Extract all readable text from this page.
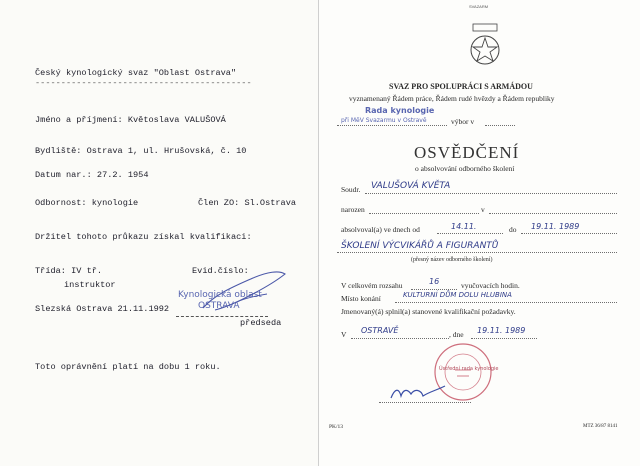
Český kynologický svaz "Oblast Ostrava"
------------------------------------------
Jméno a příjmení: Květoslava VALUŠOVÁ
Bydliště: Ostrava 1, ul. Hrušovská, č. 10
Datum nar.: 27.2. 1954
Odbornost: kynologie	Člen ZO: Sl.Ostrava
Držitel tohoto průkazu získal kvalifikaci:
Třída: IV tř.	Evid.číslo:
instruktor
Slezská Ostrava 21.11.1992
Kynologická oblast
OSTRAVA
předseda
Toto oprávnění platí na dobu 1 roku.
SVAZARM
SVAZ PRO SPOLUPRÁCI S ARMÁDOU
vyznamenaný Řádem práce, Řádem rudé hvězdy a Řádem republiky
Rada kynologie
při MěV Svazarmu v Ostravě	výbor v
OSVĚDČENÍ
o absolvování odborného školení
Soudr. VALUŠOVÁ KVĚTA
narozen	v
absolvoval(a) ve dnech od	14.11.	do 19.11. 1989
ŠKOLENÍ VÝCVIKÁŘŮ A FIGURANTŮ
(přesný název odborného školení)
V celkovém rozsahu	16	vyučovacích hodin.
Místo konání	KULTURNÍ DŮM DOLU HLUBINA
Jmenovaný(á) splnil(a) stanovené kvalifikační požadavky.
V OSTRAVĚ	, dne 19.11. 1989
Ústřední rada kynologie
PK/13	MTZ 36/87 8141
